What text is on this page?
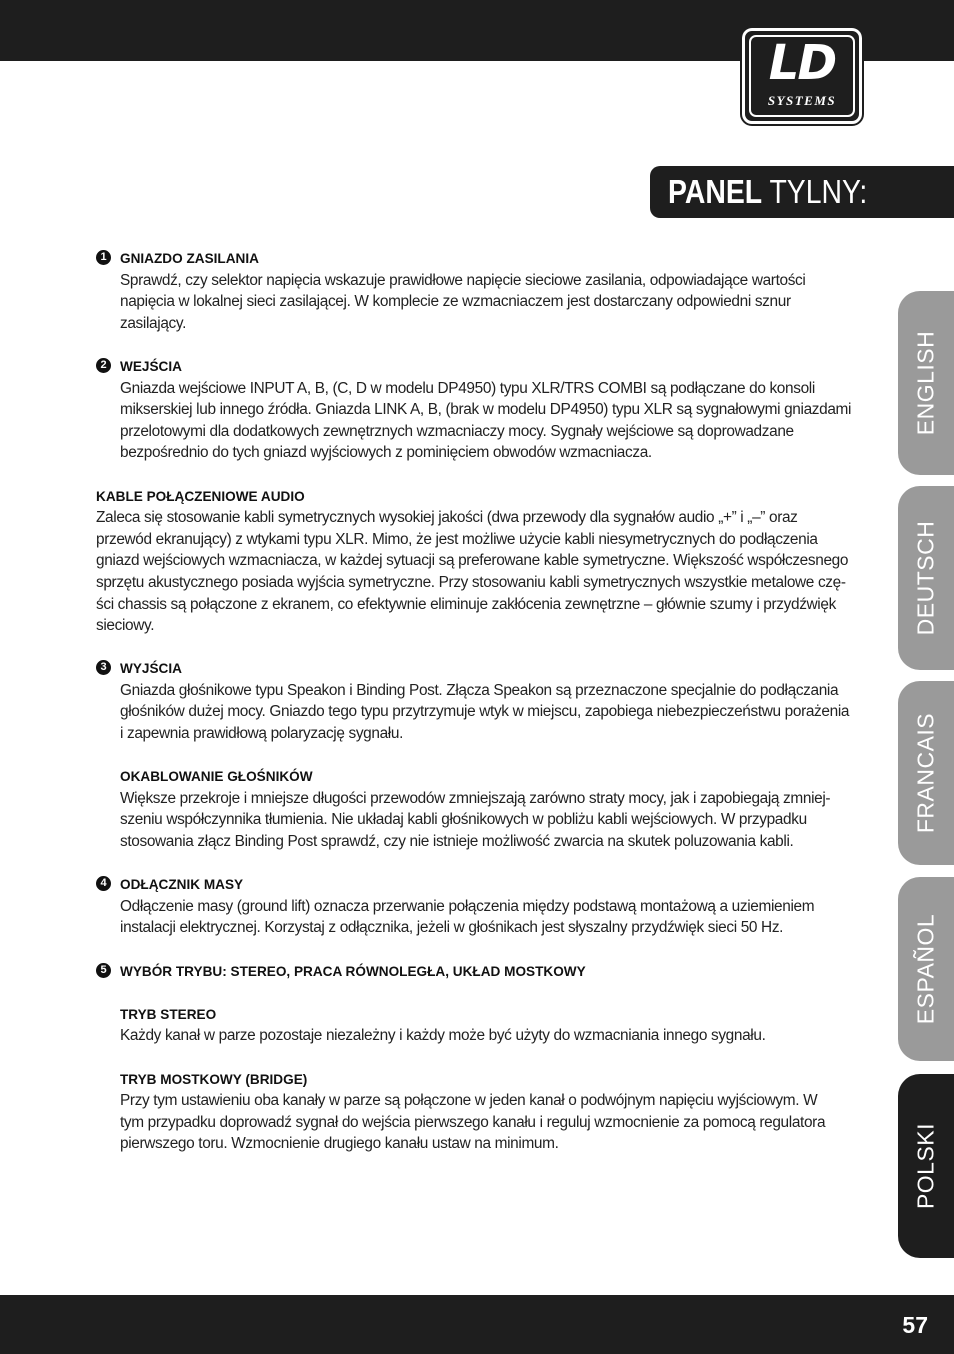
LD
SYSTEMS
PANEL TYLNY:
1 GNIAZDO ZASILANIA
Sprawdź, czy selektor napięcia wskazuje prawidłowe napięcie sieciowe zasilania, odpowiadające wartości
napięcia w lokalnej sieci zasilającej. W komplecie ze wzmacniaczem jest dostarczany odpowiedni sznur
zasilający.
2 WEJŚCIA
Gniazda wejściowe INPUT A, B, (C, D w modelu DP4950) typu XLR/TRS COMBI są podłączane do konsoli
mikserskiej lub innego źródła. Gniazda LINK A, B, (brak w modelu DP4950) typu XLR są sygnałowymi gniazdami
przelotowymi dla dodatkowych zewnętrznych wzmacniaczy mocy. Sygnały wejściowe są doprowadzane
bezpośrednio do tych gniazd wyjściowych z pominięciem obwodów wzmacniacza.
KABLE POŁĄCZENIOWE AUDIO
Zaleca się stosowanie kabli symetrycznych wysokiej jakości (dwa przewody dla sygnałów audio „+” i „–” oraz
przewód ekranujący) z wtykami typu XLR. Mimo, że jest możliwe użycie kabli niesymetrycznych do podłączenia
gniazd wejściowych wzmacniacza, w każdej sytuacji są preferowane kable symetryczne. Większość współczesnego
sprzętu akustycznego posiada wyjścia symetryczne. Przy stosowaniu kabli symetrycznych wszystkie metalowe czę-
ści chassis są połączone z ekranem, co efektywnie eliminuje zakłócenia zewnętrzne – głównie szumy i przydźwięk
sieciowy.
3 WYJŚCIA
Gniazda głośnikowe typu Speakon i Binding Post. Złącza Speakon są przeznaczone specjalnie do podłączania
głośników dużej mocy. Gniazdo tego typu przytrzymuje wtyk w miejscu, zapobiega niebezpieczeństwu porażenia
i zapewnia prawidłową polaryzację sygnału.
OKABLOWANIE GŁOŚNIKÓW
Większe przekroje i mniejsze długości przewodów zmniejszają zarówno straty mocy, jak i zapobiegają zmniej-
szeniu współczynnika tłumienia. Nie układaj kabli głośnikowych w pobliżu kabli wejściowych. W przypadku
stosowania złącz Binding Post sprawdź, czy nie istnieje możliwość zwarcia na skutek poluzowania kabli.
4 ODŁĄCZNIK MASY
Odłączenie masy (ground lift) oznacza przerwanie połączenia między podstawą montażową a uziemieniem
instalacji elektrycznej. Korzystaj z odłącznika, jeżeli w głośnikach jest słyszalny przydźwięk sieci 50 Hz.
5 WYBÓR TRYBU: STEREO, PRACA RÓWNOLEGŁA, UKŁAD MOSTKOWY
TRYB STEREO
Każdy kanał w parze pozostaje niezależny i każdy może być użyty do wzmacniania innego sygnału.
TRYB MOSTKOWY (BRIDGE)
Przy tym ustawieniu oba kanały w parze są połączone w jeden kanał o podwójnym napięciu wyjściowym. W
tym przypadku doprowadź sygnał do wejścia pierwszego kanału i reguluj wzmocnienie za pomocą regulatora
pierwszego toru. Wzmocnienie drugiego kanału ustaw na minimum.
ENGLISH
DEUTSCH
FRANCAIS
ESPAÑOL
POLSKI
57
